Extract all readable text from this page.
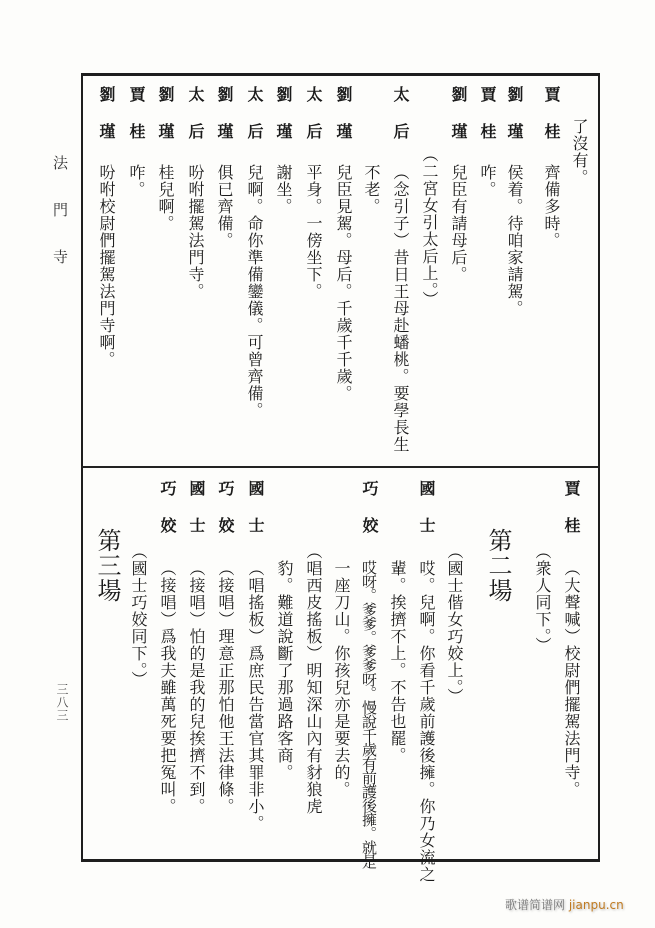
法門寺
三八三
了沒有。
賈桂
齊備多時。
劉瑾
侯着。待咱家請駕。
賈桂
咋。
劉瑾
兒臣有請母后。
（二宮女引太后上。）
太后
（念引子）昔日王母赴蟠桃。要學長生
不老。
劉瑾
兒臣見駕。母后。千歲千千歲。
太后
平身。一傍坐下。
劉瑾
謝坐。
太后
兒啊。命你準備鑾儀。可曾齊備。
劉瑾
俱已齊備。
太后
吩咐擺駕法門寺。
劉瑾
桂兒啊。
賈桂
咋。
劉瑾
吩咐校尉們擺駕法門寺啊。
賈桂
（大聲喊）校尉們擺駕法門寺。
（衆人同下。）
第二場
（國士偕女巧姣上。）
國士
哎。兒啊。你看千歲前護後擁。你乃女流之
輩。挨擠不上。不告也罷。
巧姣
哎呀。爹爹。爹爹呀。慢說千歲有前護後擁。就是
一座刀山。你孩兒亦是要去的。
（唱西皮搖板）明知深山內有豺狼虎
豹。難道說斷了那過路客商。
國士
（唱搖板）爲庶民告當官其罪非小。
巧姣
（接唱）理意正那怕他王法律條。
國士
（接唱）怕的是我的兒挨擠不到。
巧姣
（接唱）爲我夫雖萬死要把冤叫。
（國士巧姣同下。）
第三場
歌谱简谱网 jianpu.cn
